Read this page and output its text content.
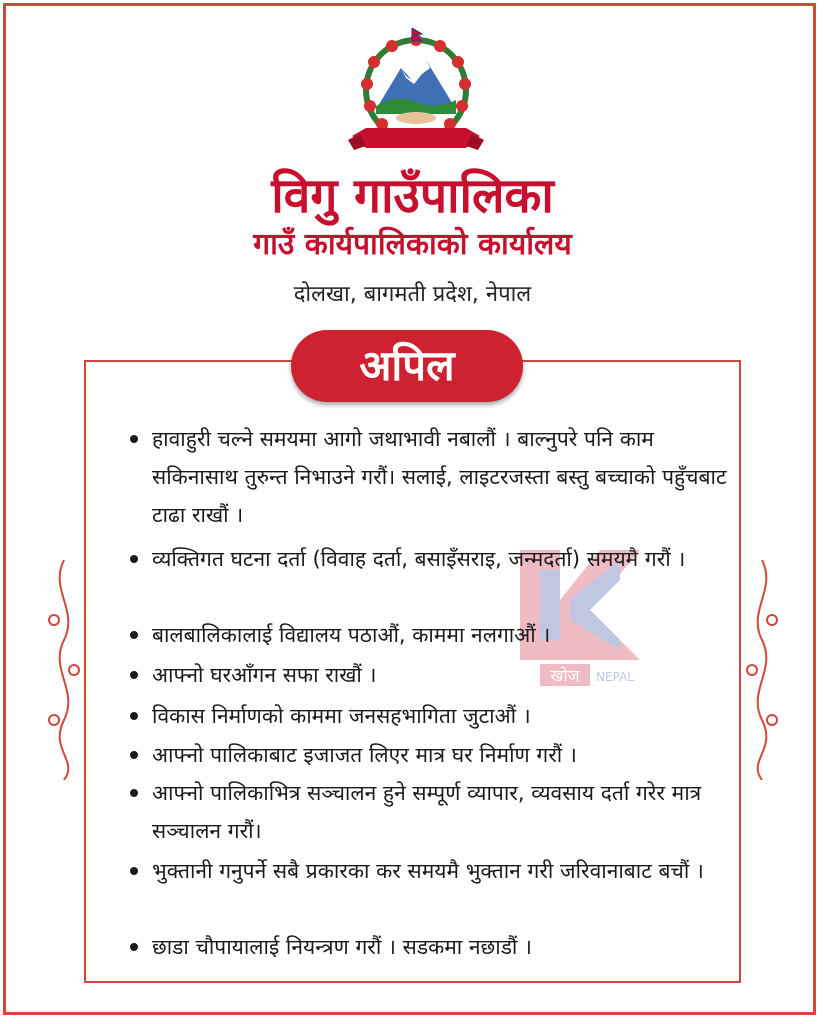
विगु गाउँपालिका
गाउँ कार्यपालिकाको कार्यालय
दोलखा, बागमती प्रदेश, नेपाल
खोज NEPAL
अपिल
हावाहुरी चल्ने समयमा आगो जथाभावी नबालौं । बाल्नुपरे पनि काम सकिनासाथ तुरुन्त निभाउने गरौं। सलाई, लाइटरजस्ता बस्तु बच्चाको पहुँचबाट टाढा राखौं ।
व्यक्तिगत घटना दर्ता (विवाह दर्ता, बसाइँसराइ, जन्मदर्ता) समयमै गरौं ।
बालबालिकालाई विद्यालय पठाऔं, काममा नलगाऔं ।
आफ्नो घरआँगन सफा राखौं ।
विकास निर्माणको काममा जनसहभागिता जुटाऔं ।
आफ्नो पालिकाबाट इजाजत लिएर मात्र घर निर्माण गरौं ।
आफ्नो पालिकाभित्र सञ्चालन हुने सम्पूर्ण व्यापार, व्यवसाय दर्ता गरेर मात्र सञ्चालन गरौं।
भुक्तानी गनुपर्ने सबै प्रकारका कर समयमै भुक्तान गरी जरिवानाबाट बचौं ।
छाडा चौपायालाई नियन्त्रण गरौं । सडकमा नछाडौं ।
